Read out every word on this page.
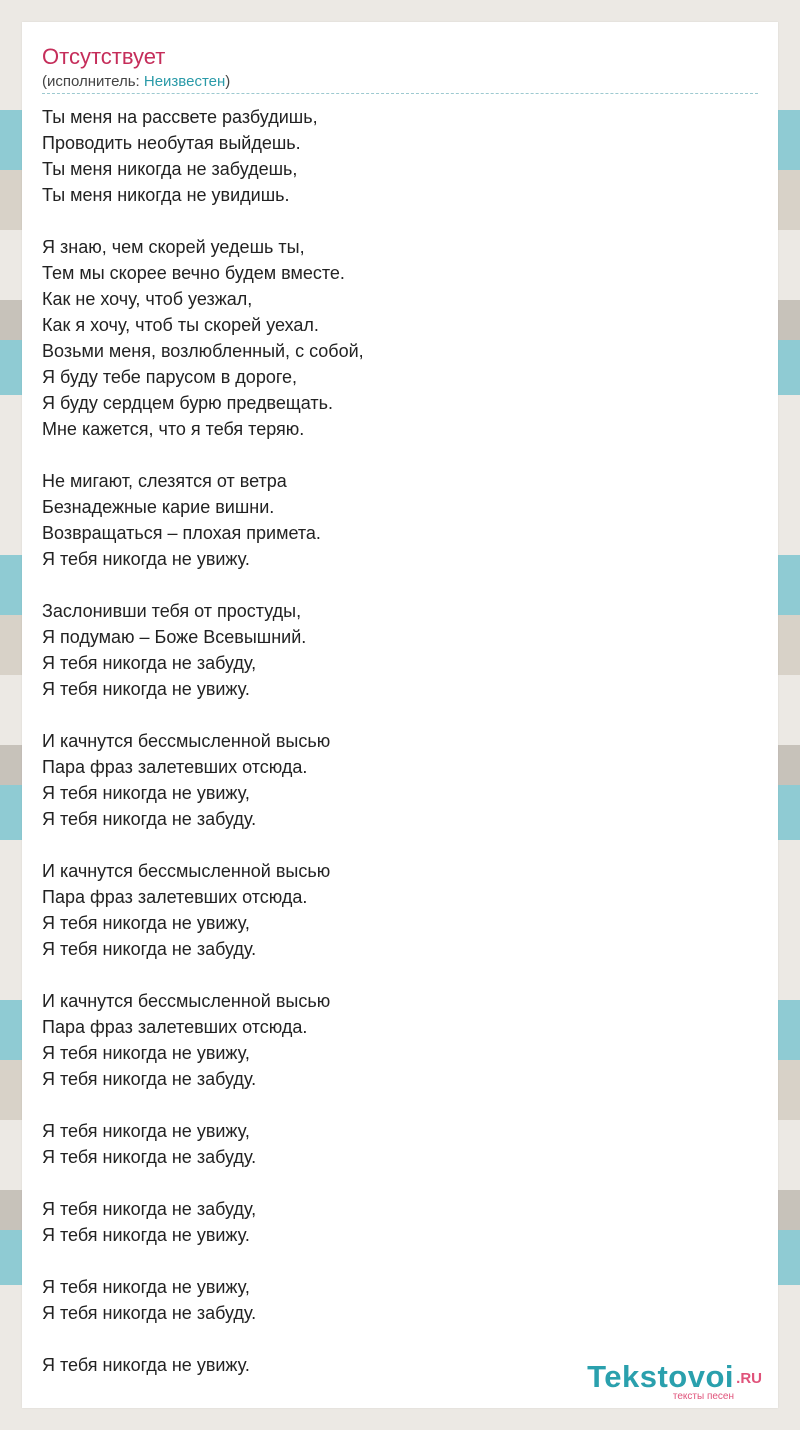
Отсутствует
(исполнитель: Неизвестен)
Ты меня на рассвете разбудишь,
Проводить необутая выйдешь.
Ты меня никогда не забудешь,
Ты меня никогда не увидишь.
Я знаю, чем скорей уедешь ты,
Тем мы скорее вечно будем вместе.
Как не хочу, чтоб уезжал,
Как я хочу, чтоб ты скорей уехал.
Возьми меня, возлюбленный, с собой,
Я буду тебе парусом в дороге,
Я буду сердцем бурю предвещать.
Мне кажется, что я тебя теряю.
Не мигают, слезятся от ветра
Безнадежные карие вишни.
Возвращаться – плохая примета.
Я тебя никогда не увижу.
Заслонивши тебя от простуды,
Я подумаю – Боже Всевышний.
Я тебя никогда не забуду,
Я тебя никогда не увижу.
И качнутся бессмысленной высью
Пара фраз залетевших отсюда.
Я тебя никогда не увижу,
Я тебя никогда не забуду.
И качнутся бессмысленной высью
Пара фраз залетевших отсюда.
Я тебя никогда не увижу,
Я тебя никогда не забуду.
И качнутся бессмысленной высью
Пара фраз залетевших отсюда.
Я тебя никогда не увижу,
Я тебя никогда не забуду.
Я тебя никогда не увижу,
Я тебя никогда не забуду.
Я тебя никогда не забуду,
Я тебя никогда не увижу.
Я тебя никогда не увижу,
Я тебя никогда не забуду.
Я тебя никогда не увижу.	Tekstovoi .RU
тексты песен
